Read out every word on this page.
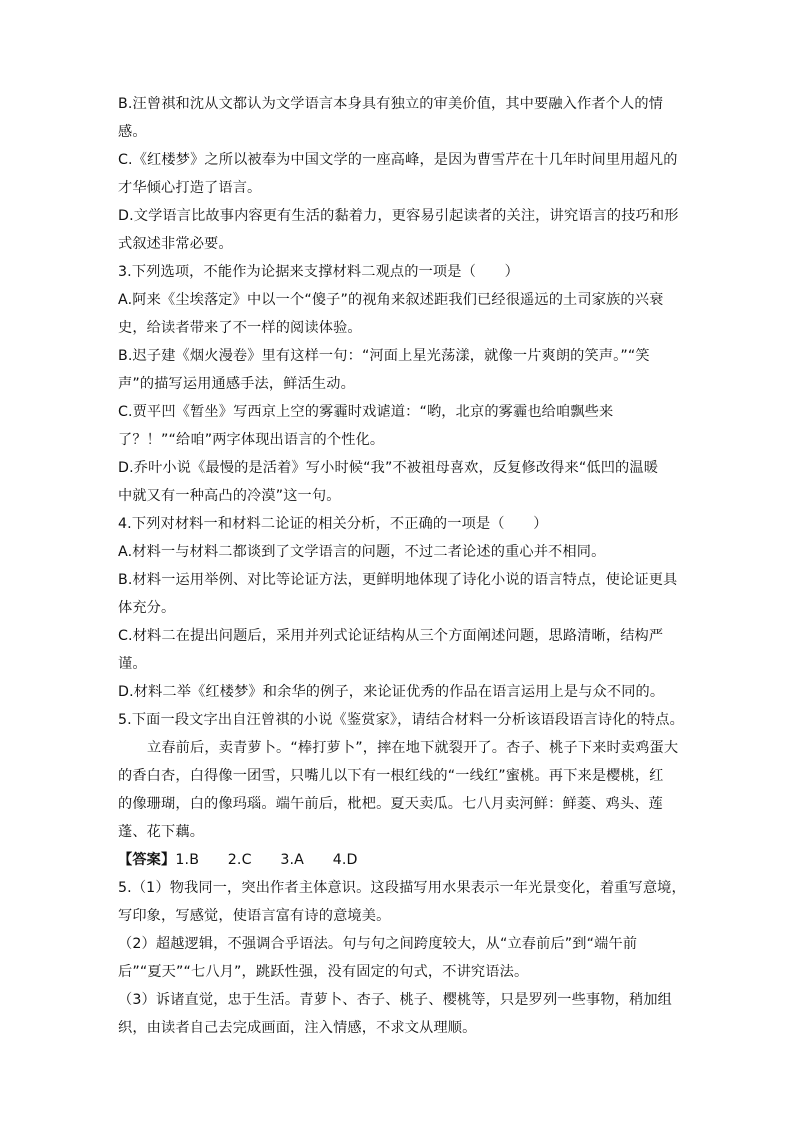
B.汪曾祺和沈从文都认为文学语言本身具有独立的审美价值，其中要融入作者个人的情
感。
C.《红楼梦》之所以被奉为中国文学的一座高峰，是因为曹雪芹在十几年时间里用超凡的
才华倾心打造了语言。
D.文学语言比故事内容更有生活的黏着力，更容易引起读者的关注，讲究语言的技巧和形
式叙述非常必要。
3.下列选项，不能作为论据来支撑材料二观点的一项是（　　）
A.阿来《尘埃落定》中以一个“傻子”的视角来叙述距我们已经很遥远的土司家族的兴衰
史，给读者带来了不一样的阅读体验。
B.迟子建《烟火漫卷》里有这样一句：“河面上星光荡漾，就像一片爽朗的笑声。”“笑
声”的描写运用通感手法，鲜活生动。
C.贾平凹《暂坐》写西京上空的雾霾时戏谑道：“哟，北京的雾霾也给咱飘些来
了？！”“给咱”两字体现出语言的个性化。
D.乔叶小说《最慢的是活着》写小时候“我”不被祖母喜欢，反复修改得来“低凹的温暖
中就又有一种高凸的冷漠”这一句。
4.下列对材料一和材料二论证的相关分析，不正确的一项是（　　）
A.材料一与材料二都谈到了文学语言的问题，不过二者论述的重心并不相同。
B.材料一运用举例、对比等论证方法，更鲜明地体现了诗化小说的语言特点，使论证更具
体充分。
C.材料二在提出问题后，采用并列式论证结构从三个方面阐述问题，思路清晰，结构严
谨。
D.材料二举《红楼梦》和余华的例子，来论证优秀的作品在语言运用上是与众不同的。
5.下面一段文字出自汪曾祺的小说《鉴赏家》，请结合材料一分析该语段语言诗化的特点。
立春前后，卖青萝卜。“棒打萝卜”，摔在地下就裂开了。杏子、桃子下来时卖鸡蛋大
的香白杏，白得像一团雪，只嘴儿以下有一根红线的“一线红”蜜桃。再下来是樱桃，红
的像珊瑚，白的像玛瑙。端午前后，枇杷。夏天卖瓜。七八月卖河鲜：鲜菱、鸡头、莲
蓬、花下藕。
【答案】1.B　　2.C　　3.A　　4.D
5.（1）物我同一，突出作者主体意识。这段描写用水果表示一年光景变化，着重写意境，
写印象，写感觉，使语言富有诗的意境美。
（2）超越逻辑，不强调合乎语法。句与句之间跨度较大，从“立春前后”到“端午前
后”“夏天”“七八月”，跳跃性强，没有固定的句式，不讲究语法。
（3）诉诸直觉，忠于生活。青萝卜、杏子、桃子、樱桃等，只是罗列一些事物，稍加组
织，由读者自己去完成画面，注入情感，不求文从理顺。
